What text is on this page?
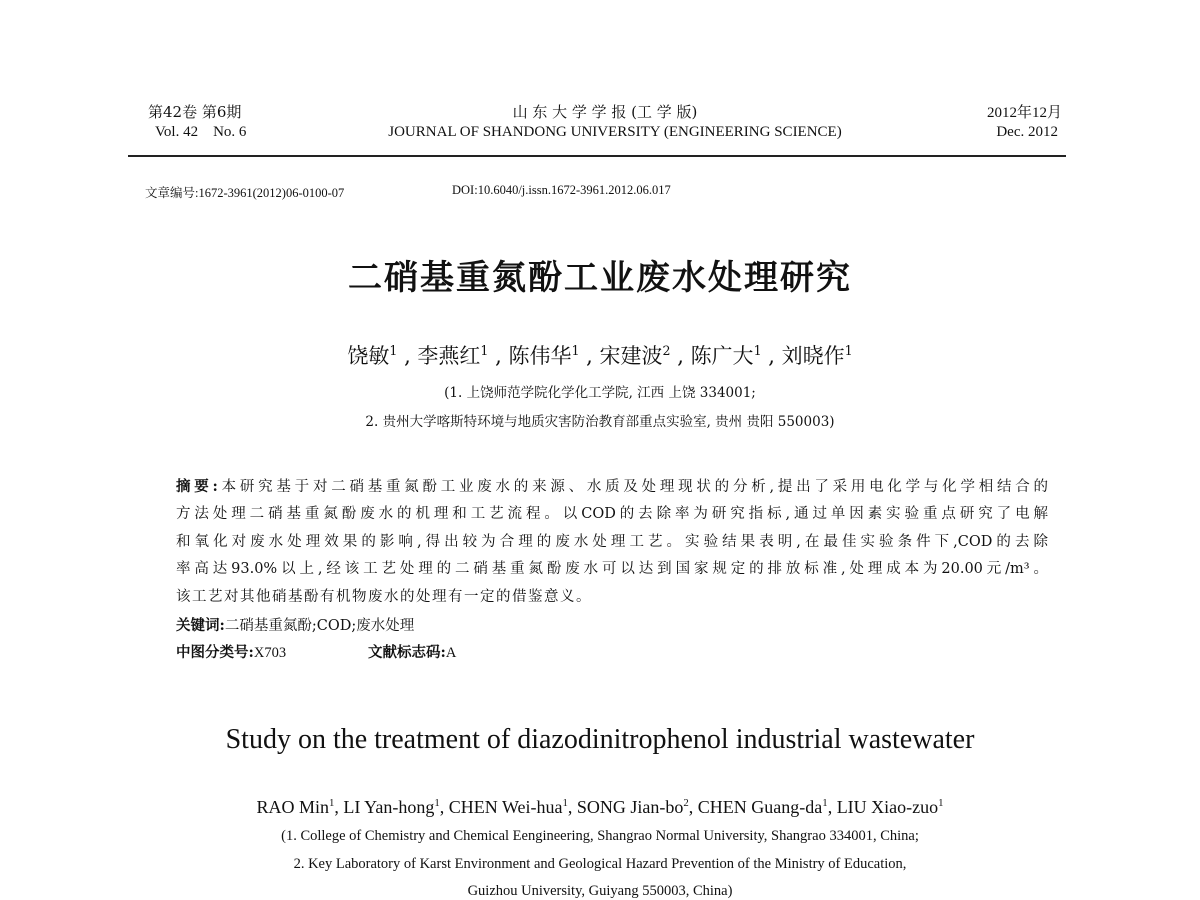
第42卷 第6期
Vol. 42    No. 6
山 东 大 学 学 报 (工 学 版)
JOURNAL OF SHANDONG UNIVERSITY (ENGINEERING SCIENCE)
2012年12月
Dec. 2012
文章编号:1672-3961(2012)06-0100-07	DOI:10.6040/j.issn.1672-3961.2012.06.017
二硝基重氮酚工业废水处理研究
饶敏$^1$ , 李燕红$^1$ , 陈伟华$^1$ , 宋建波$^2$ , 陈广大$^1$ , 刘晓作$^1$
(1. 上饶师范学院化学化工学院, 江西 上饶 334001;
2. 贵州大学喀斯特环境与地质灾害防治教育部重点实验室, 贵州 贵阳 550003)
摘要:本研究基于对二硝基重氮酚工业废水的来源、水质及处理现状的分析,提出了采用电化学与化学相结合的
方法处理二硝基重氮酚废水的机理和工艺流程。以COD的去除率为研究指标,通过单因素实验重点研究了电解
和氧化对废水处理效果的影响,得出较为合理的废水处理工艺。实验结果表明,在最佳实验条件下,COD的去除
率高达93.0%以上,经该工艺处理的二硝基重氮酚废水可以达到国家规定的排放标准,处理成本为20.00元/m³。
该工艺对其他硝基酚有机物废水的处理有一定的借鉴意义。
关键词:二硝基重氮酚;COD;废水处理
中图分类号:X703	文献标志码:A
Study on the treatment of diazodinitrophenol industrial wastewater
RAO Min$^1$, LI Yan-hong$^1$, CHEN Wei-hua$^1$, SONG Jian-$bo^2$, CHEN Guang-$da^1$, LIU Xiao-zuo$^1$
(1. College of Chemistry and Chemical Eengineering, Shangrao Normal University, Shangrao 334001, China;
2. Key Laboratory of Karst Environment and Geological Hazard Prevention of the Ministry of Education,
Guizhou University, Guiyang 550003, China)
